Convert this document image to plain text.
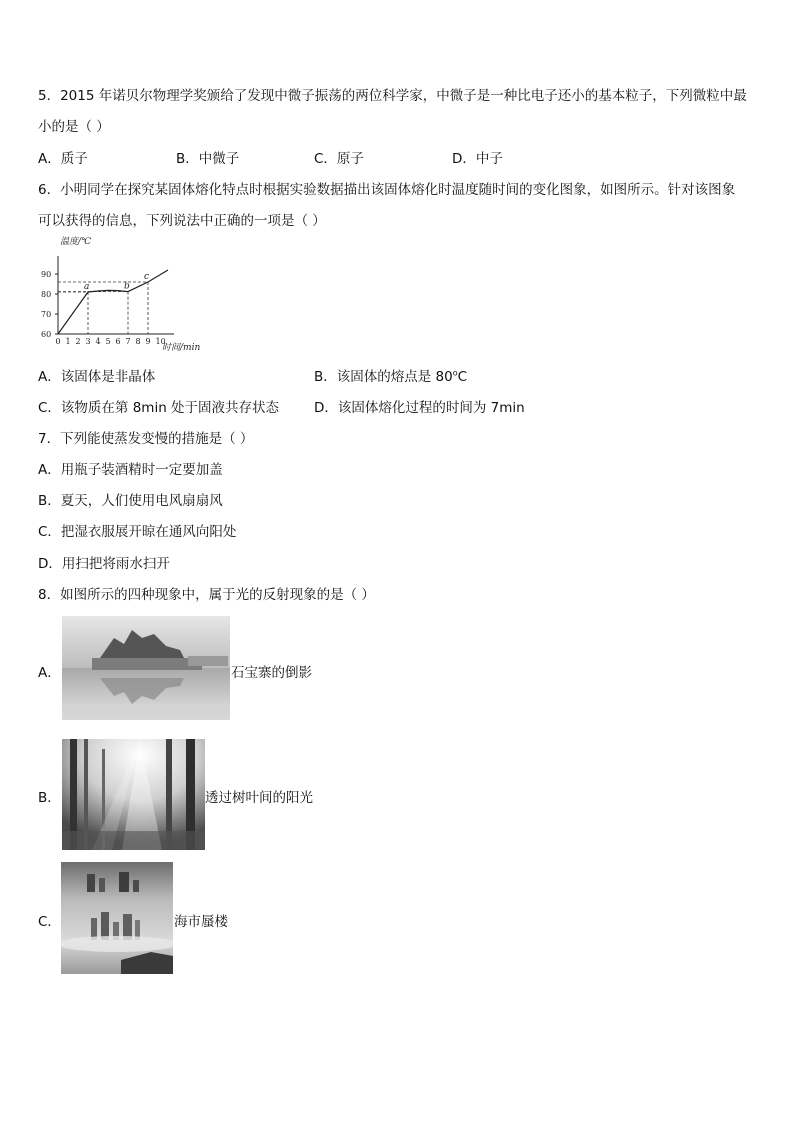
5．2015 年诺贝尔物理学奖颁给了发现中微子振荡的两位科学家，中微子是一种比电子还小的基本粒子，下列微粒中最
小的是（ ）
A．质子	B．中微子	C．原子	D．中子
6．小明同学在探究某固体熔化特点时根据实验数据描出该固体熔化时温度随时间的变化图象，如图所示。针对该图象
可以获得的信息，下列说法中正确的一项是（ ）
0 1 2 3 4 5 6 7 8 9 10
60
70
80
90
温度/℃
时间/min
a	b
c
A．该固体是非晶体	B．该固体的熔点是 80$^o$C
C．该物质在第 8min 处于固液共存状态	D．该固体熔化过程的时间为 7min
7．下列能使蒸发变慢的措施是（ ）
A．用瓶子装酒精时一定要加盖
B．夏天，人们使用电风扇扇风
C．把湿衣服展开晾在通风向阳处
D．用扫把将雨水扫开
8．如图所示的四种现象中，属于光的反射现象的是（ ）
A．	石宝寨的倒影
B．	透过树叶间的阳光
C．	海市蜃楼
